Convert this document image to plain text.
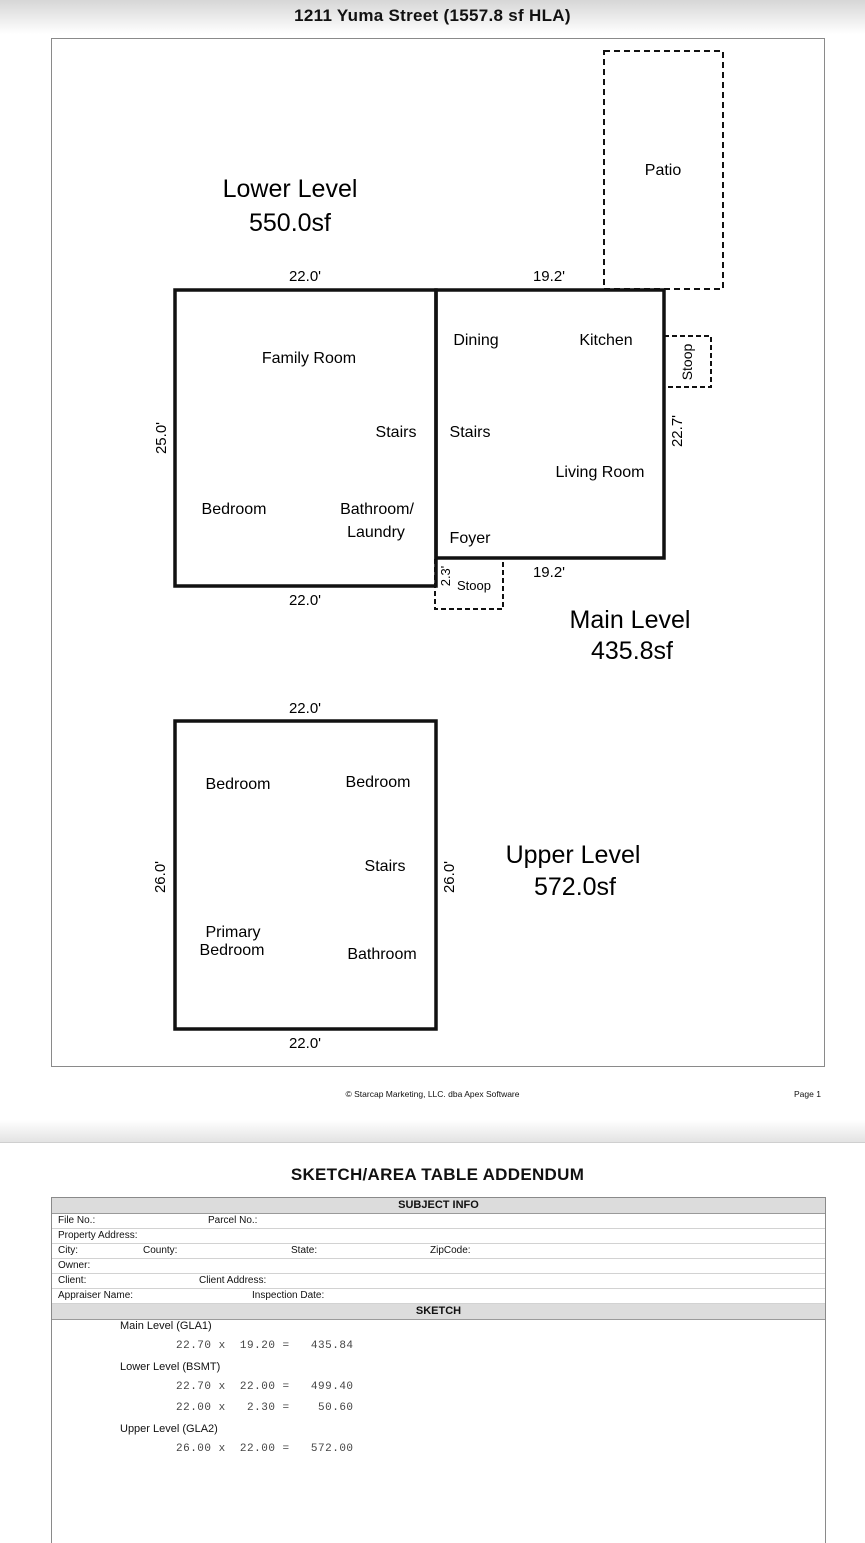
1211 Yuma Street (1557.8 sf HLA)
Lower Level
550.0sf
Main Level
435.8sf
Upper Level
572.0sf
Family Room
Stairs
Bedroom	Bathroom/
Laundry
Dining	Kitchen
Stairs
Living Room
Foyer
Patio
Stoop
Stoop
Bedroom	Bedroom
Stairs
Primary
Bedroom	Bathroom
22.0'	19.2'
25.0'	22.7'
19.2'
2.3'
22.0'
22.0'
26.0'	26.0'
22.0'
© Starcap Marketing, LLC. dba Apex Software	Page 1
SKETCH/AREA TABLE ADDENDUM
SUBJECT INFO
File No.:	Parcel No.:
Property Address:
City:	County:	State:	ZipCode:
Owner:
Client:	Client Address:
Appraiser Name:	Inspection Date:
SKETCH
Main Level (GLA1)
22.70 x  19.20 =   435.84
Lower Level (BSMT)
22.70 x  22.00 =   499.40
22.00 x   2.30 =    50.60
Upper Level (GLA2)
26.00 x  22.00 =   572.00
